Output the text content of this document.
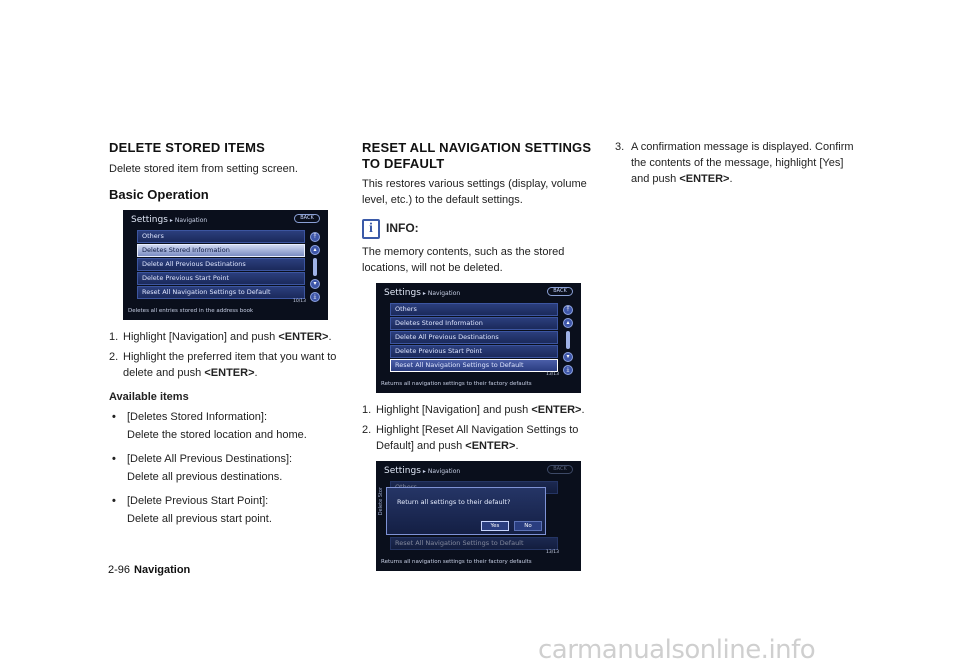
DELETE STORED ITEMS

Delete stored item from setting screen.

Basic Operation
Settings ▸ Navigation	BACK
Others
Deletes Stored Information
Delete All Previous Destinations
Delete Previous Start Point
Reset All Navigation Settings to Default
⤒
▴
▾
⤓
10/13
Deletes all entries stored in the address book
1. Highlight [Navigation] and push <ENTER>.
2. Highlight the preferred item that you want to delete and push <ENTER>.
Available items
• [Deletes Stored Information]:
Delete the stored location and home.
• [Delete All Previous Destinations]:
Delete all previous destinations.
• [Delete Previous Start Point]:
Delete all previous start point.
RESET ALL NAVIGATION SETTINGS TO DEFAULT

This restores various settings (display, volume level, etc.) to the default settings.

i	INFO:

The memory contents, such as the stored locations, will not be deleted.

Settings ▸ Navigation	BACK
Others
Deletes Stored Information
Delete All Previous Destinations
Delete Previous Start Point
Reset All Navigation Settings to Default
⤒
▴
▾
⤓
13/13
Returns all navigation settings to their factory defaults
1. Highlight [Navigation] and push <ENTER>.
2. Highlight [Reset All Navigation Settings to Default] and push <ENTER>.
Settings ▸ Navigation	BACK
Delete Stor Return all settings to their default?
Yes	No
Reset All Navigation Settings to Default
13/13
Returns all navigation settings to their factory defaults
3. A confirmation message is displayed. Confirm the contents of the message, highlight [Yes] and push <ENTER>.
2-96 Navigation
carmanualsonline.info
